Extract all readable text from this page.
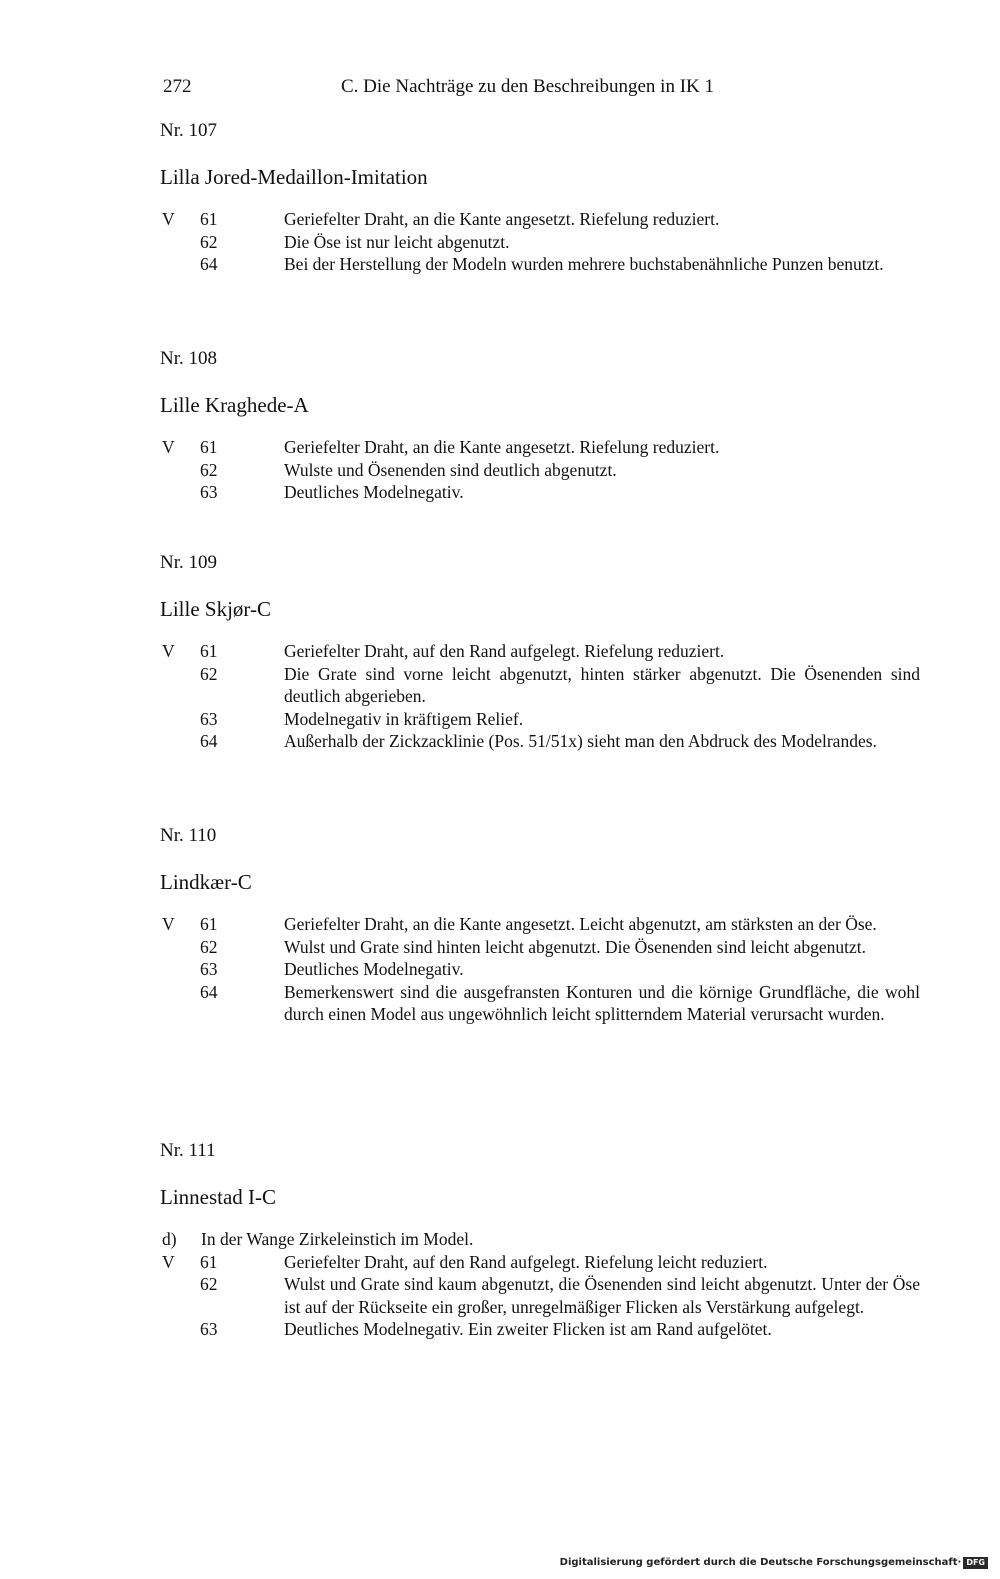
272	C. Die Nachträge zu den Beschreibungen in IK 1
Nr. 107
Lilla Jored-Medaillon-Imitation
V 61	Geriefelter Draht, an die Kante angesetzt. Riefelung reduziert.
62	Die Öse ist nur leicht abgenutzt.
64	Bei der Herstellung der Modeln wurden mehrere buchstabenähnliche Punzen benutzt.
Nr. 108
Lille Kraghede-A
V 61	Geriefelter Draht, an die Kante angesetzt. Riefelung reduziert.
62	Wulste und Ösenenden sind deutlich abgenutzt.
63	Deutliches Modelnegativ.
Nr. 109
Lille Skjør-C
V 61	Geriefelter Draht, auf den Rand aufgelegt. Riefelung reduziert.
62	Die Grate sind vorne leicht abgenutzt, hinten stärker abgenutzt. Die Ösenenden sind deutlich abgerieben.
63	Modelnegativ in kräftigem Relief.
64	Außerhalb der Zickzacklinie (Pos. 51/51x) sieht man den Abdruck des Modelrandes.
Nr. 110
Lindkær-C
V 61	Geriefelter Draht, an die Kante angesetzt. Leicht abgenutzt, am stärksten an der Öse.
62	Wulst und Grate sind hinten leicht abgenutzt. Die Ösenenden sind leicht abgenutzt.
63	Deutliches Modelnegativ.
64	Bemerkenswert sind die ausgefransten Konturen und die körnige Grundfläche, die wohl durch einen Model aus ungewöhnlich leicht splitterndem Material verursacht wurden.
Nr. 111
Linnestad I-C
d) In der Wange Zirkeleinstich im Model.
V 61	Geriefelter Draht, auf den Rand aufgelegt. Riefelung leicht reduziert.
62	Wulst und Grate sind kaum abgenutzt, die Ösenenden sind leicht abgenutzt. Unter der Öse ist auf der Rückseite ein großer, unregelmäßiger Flicken als Verstärkung aufgelegt.
63	Deutliches Modelnegativ. Ein zweiter Flicken ist am Rand aufgelötet.
Digitalisierung gefördert durch die Deutsche Forschungsgemeinschaft · DFG
